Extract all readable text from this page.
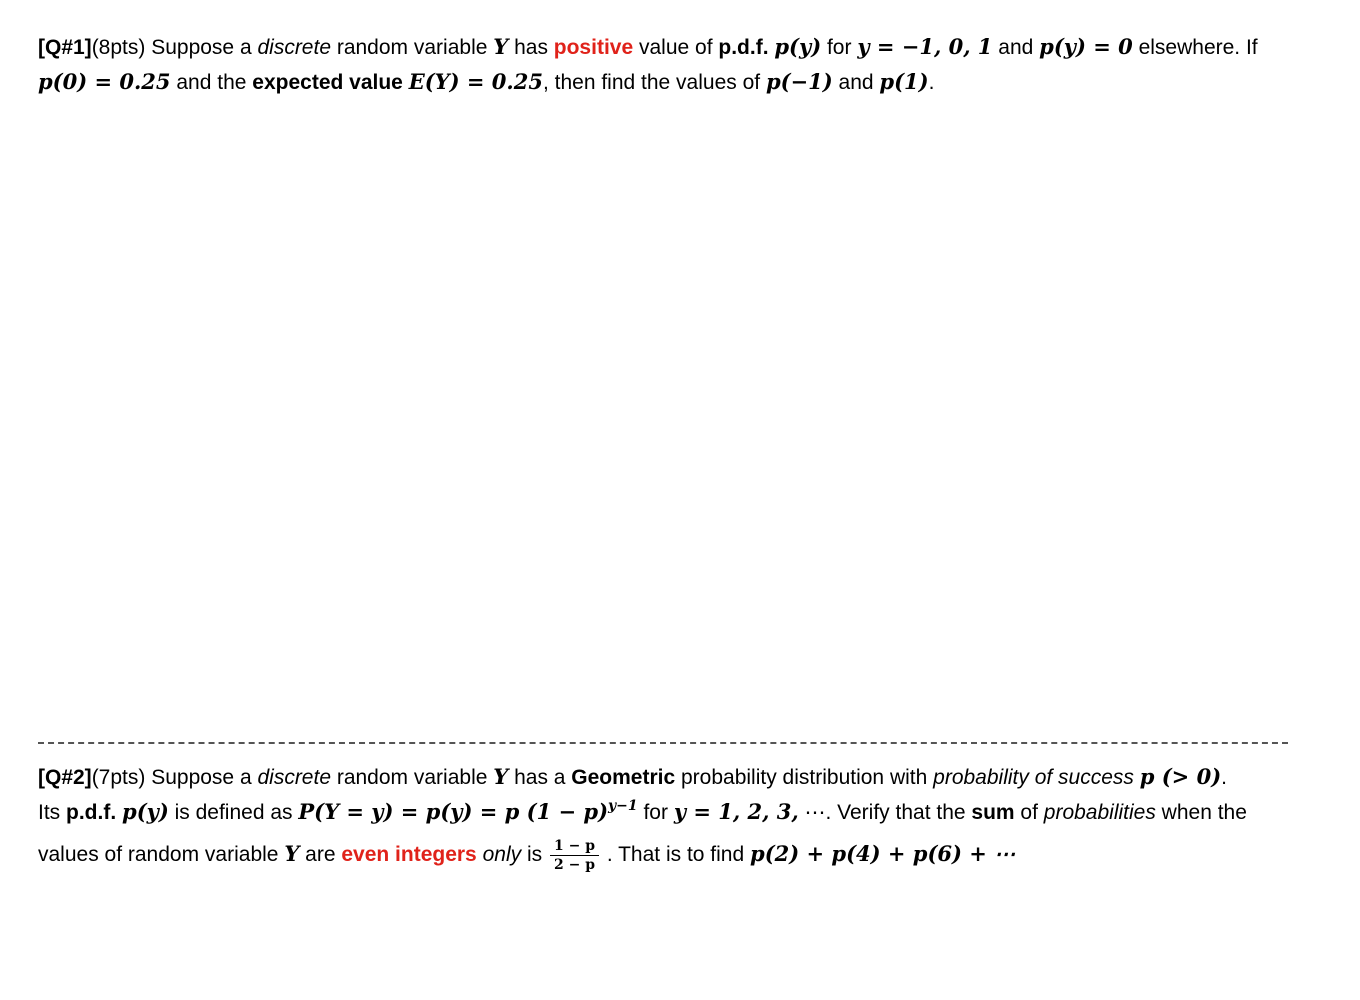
[Q#1](8pts) Suppose a discrete random variable Y has positive value of p.d.f. p(y) for y = −1, 0, 1 and p(y) = 0 elsewhere. If
p(0) = 0.25 and the expected value E(Y) = 0.25, then find the values of p(−1) and p(1).
[Q#2](7pts) Suppose a discrete random variable Y has a Geometric probability distribution with probability of success p (> 0).
Its p.d.f. p(y) is defined as P(Y = y) = p(y) = p $(1 - p)^{y-1}$ for y = 1, 2, 3, ⋯. Verify that the sum of probabilities when the
values of random variable Y are even integers only is $\frac{1 - p}{2 - p}$ . That is to find p(2) + p(4) + p(6) + ⋯
